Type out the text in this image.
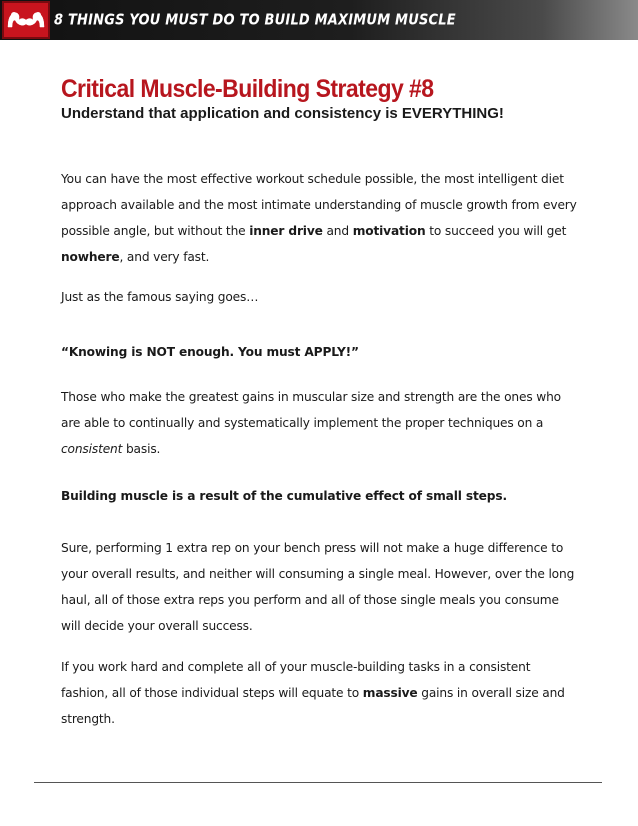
8 THINGS YOU MUST DO TO BUILD MAXIMUM MUSCLE
Critical Muscle-Building Strategy #8
Understand that application and consistency is EVERYTHING!
You can have the most effective workout schedule possible, the most intelligent diet approach available and the most intimate understanding of muscle growth from every possible angle, but without the inner drive and motivation to succeed you will get nowhere, and very fast.
Just as the famous saying goes…
“Knowing is NOT enough. You must APPLY!”
Those who make the greatest gains in muscular size and strength are the ones who are able to continually and systematically implement the proper techniques on a consistent basis.
Building muscle is a result of the cumulative effect of small steps.
Sure, performing 1 extra rep on your bench press will not make a huge difference to your overall results, and neither will consuming a single meal. However, over the long haul, all of those extra reps you perform and all of those single meals you consume will decide your overall success.
If you work hard and complete all of your muscle-building tasks in a consistent fashion, all of those individual steps will equate to massive gains in overall size and strength.
